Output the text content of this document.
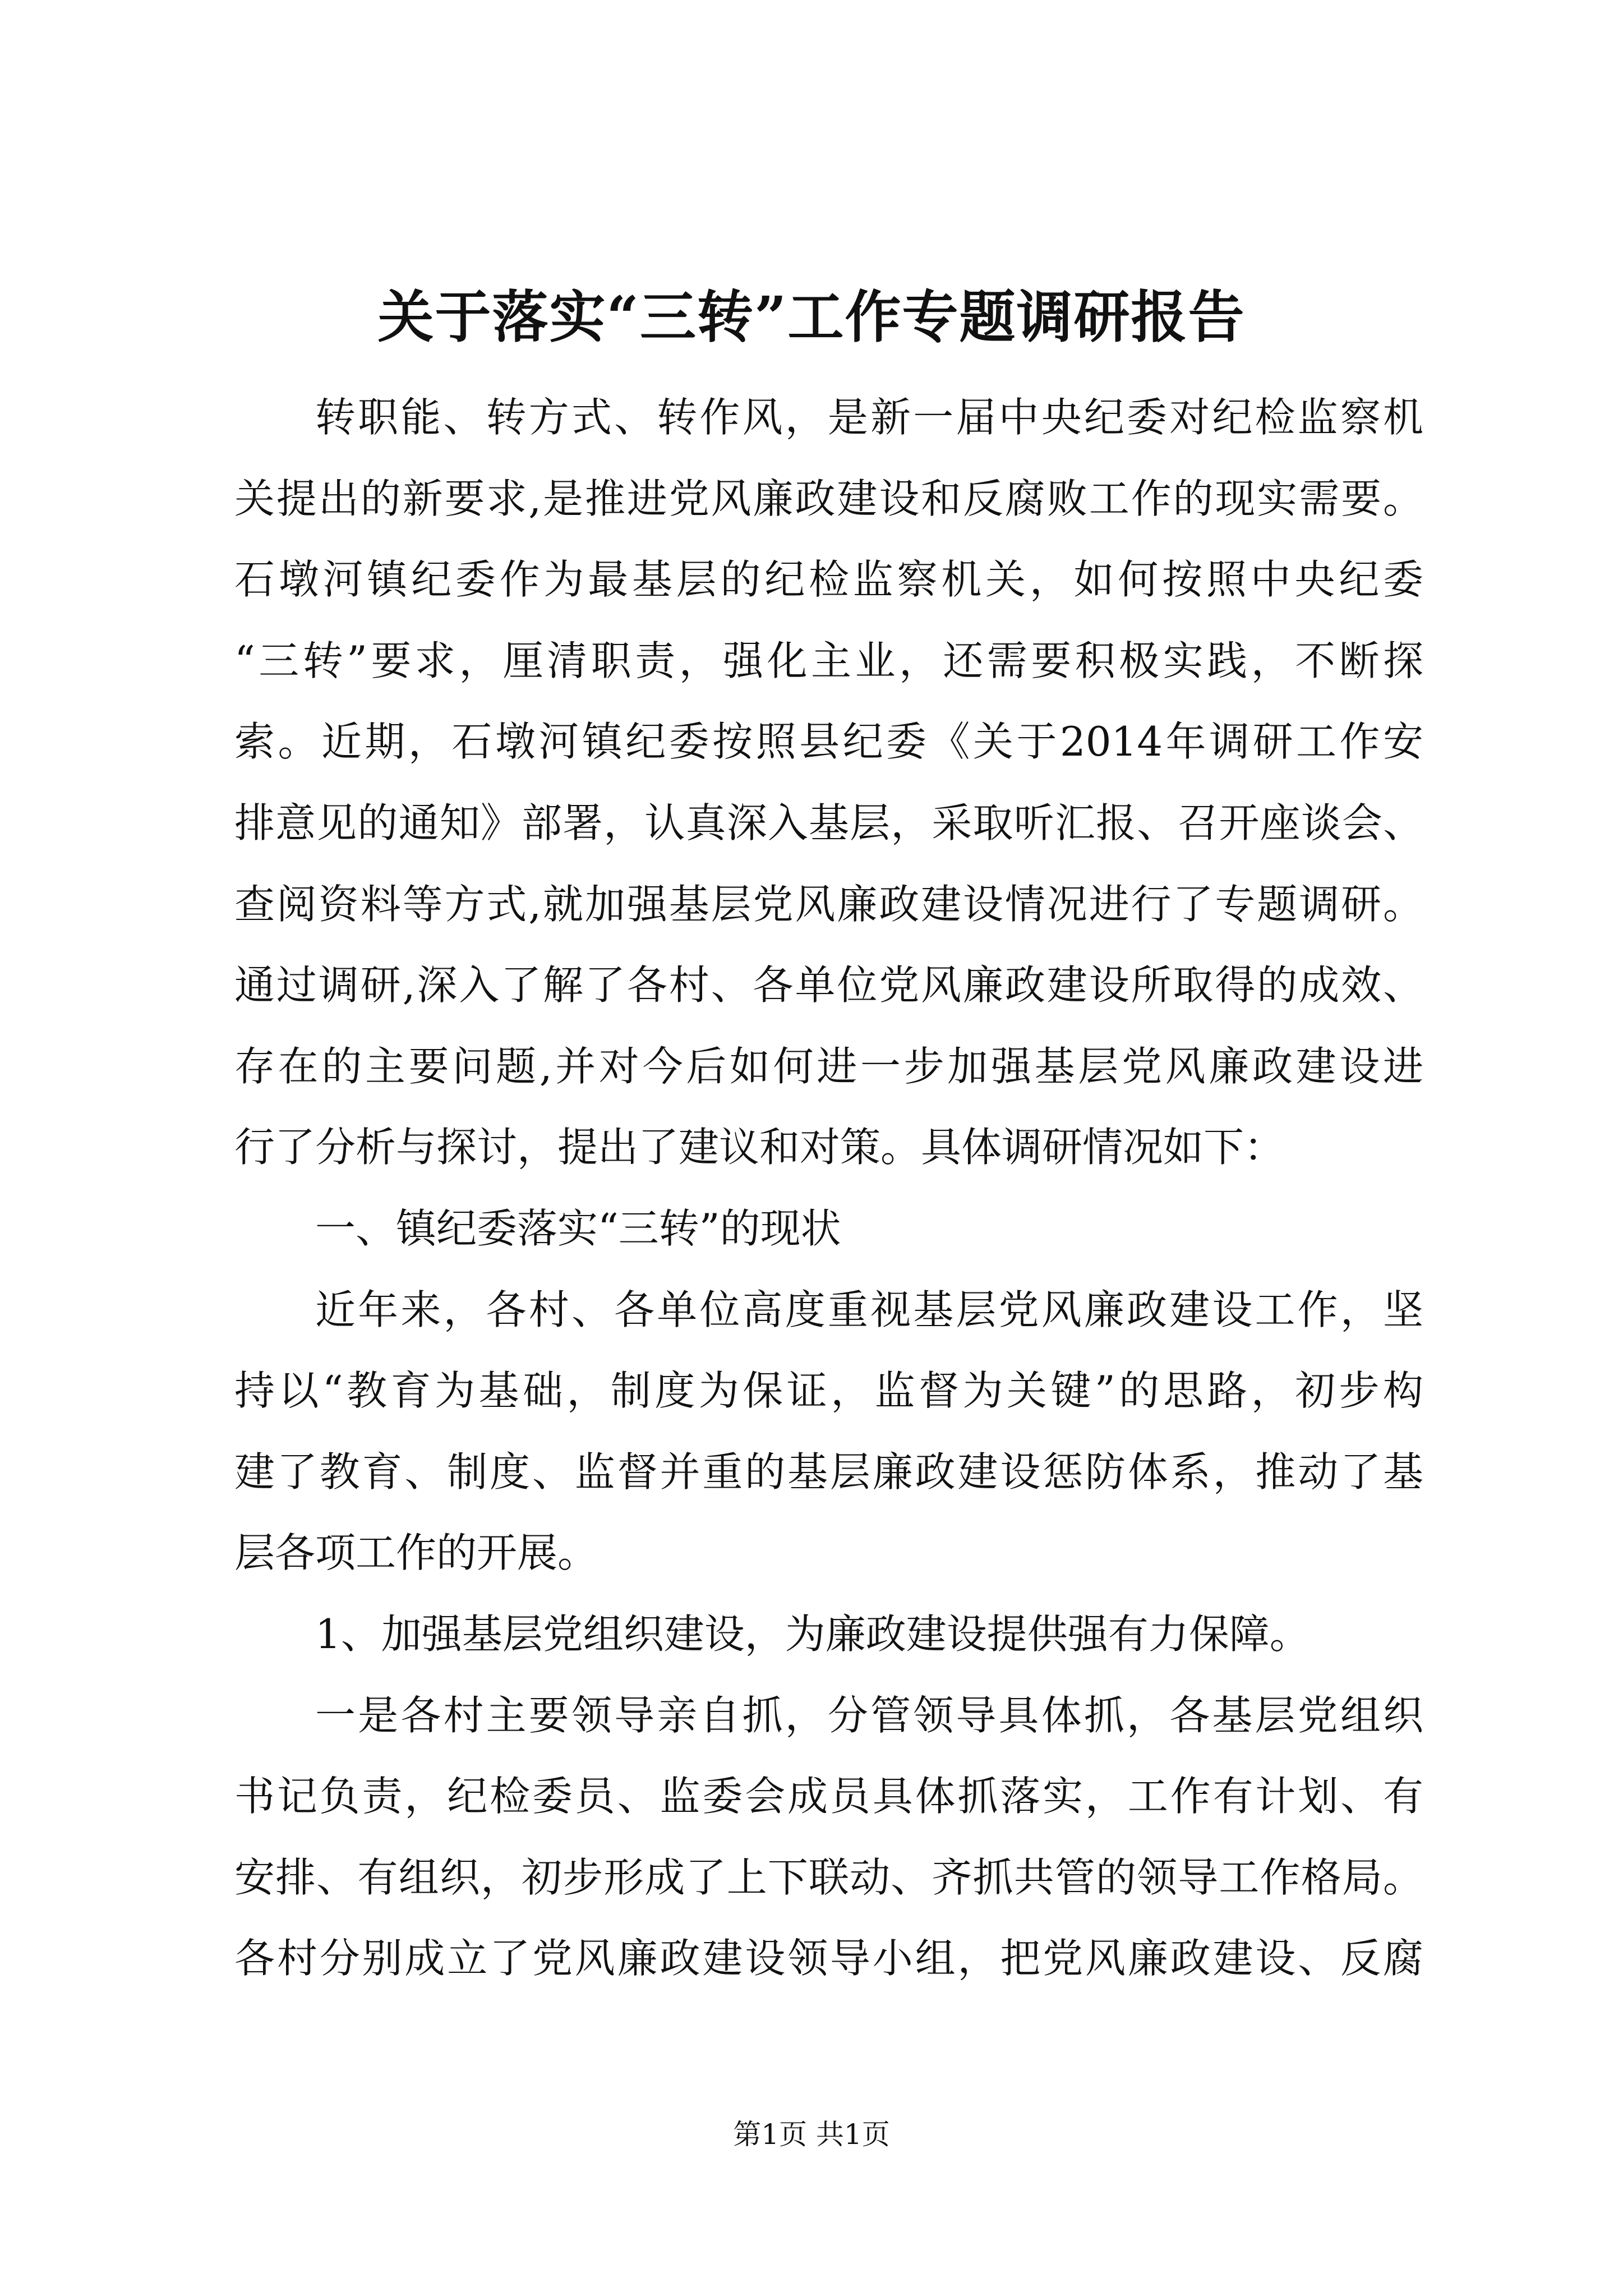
关于落实“三转”工作专题调研报告
转职能、转方式、转作风，是新一届中央纪委对纪检监察机
关提出的新要求,是推进党风廉政建设和反腐败工作的现实需要。
石墩河镇纪委作为最基层的纪检监察机关，如何按照中央纪委
“三转”要求，厘清职责，强化主业，还需要积极实践，不断探
索。近期，石墩河镇纪委按照县纪委《关于2014年调研工作安
排意见的通知》部署，认真深入基层，采取听汇报、召开座谈会、
查阅资料等方式,就加强基层党风廉政建设情况进行了专题调研。
通过调研,深入了解了各村、各单位党风廉政建设所取得的成效、
存在的主要问题,并对今后如何进一步加强基层党风廉政建设进
行了分析与探讨，提出了建议和对策。具体调研情况如下：
一、镇纪委落实“三转”的现状
近年来，各村、各单位高度重视基层党风廉政建设工作，坚
持以“教育为基础，制度为保证，监督为关键”的思路，初步构
建了教育、制度、监督并重的基层廉政建设惩防体系，推动了基
层各项工作的开展。
1、加强基层党组织建设，为廉政建设提供强有力保障。
一是各村主要领导亲自抓，分管领导具体抓，各基层党组织
书记负责，纪检委员、监委会成员具体抓落实，工作有计划、有
安排、有组织，初步形成了上下联动、齐抓共管的领导工作格局。
各村分别成立了党风廉政建设领导小组，把党风廉政建设、反腐
第1页 共1页
